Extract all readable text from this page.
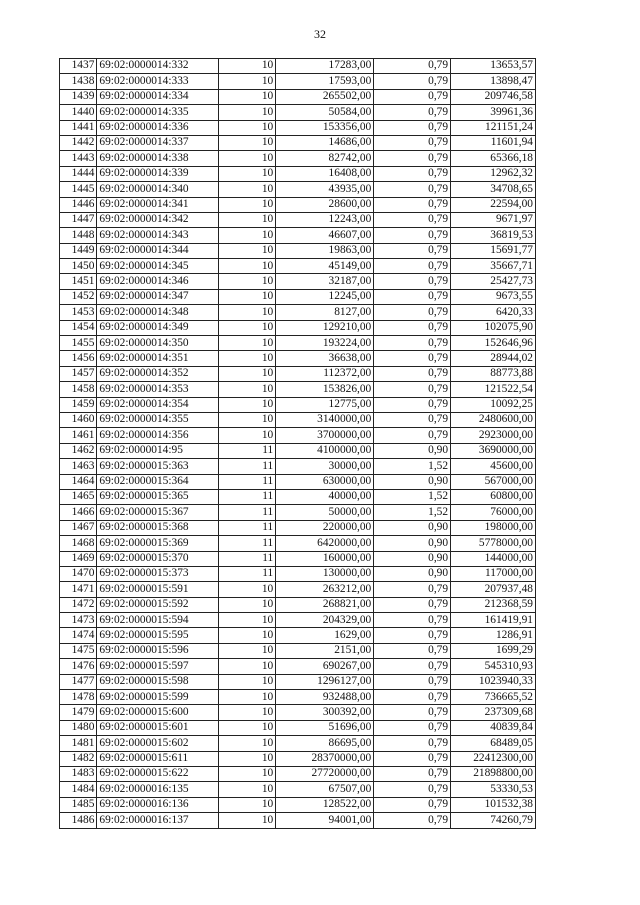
32
1437	69:02:0000014:332	10	17283,00	0,79	13653,57
1438	69:02:0000014:333	10	17593,00	0,79	13898,47
1439	69:02:0000014:334	10	265502,00	0,79	209746,58
1440	69:02:0000014:335	10	50584,00	0,79	39961,36
1441	69:02:0000014:336	10	153356,00	0,79	121151,24
1442	69:02:0000014:337	10	14686,00	0,79	11601,94
1443	69:02:0000014:338	10	82742,00	0,79	65366,18
1444	69:02:0000014:339	10	16408,00	0,79	12962,32
1445	69:02:0000014:340	10	43935,00	0,79	34708,65
1446	69:02:0000014:341	10	28600,00	0,79	22594,00
1447	69:02:0000014:342	10	12243,00	0,79	9671,97
1448	69:02:0000014:343	10	46607,00	0,79	36819,53
1449	69:02:0000014:344	10	19863,00	0,79	15691,77
1450	69:02:0000014:345	10	45149,00	0,79	35667,71
1451	69:02:0000014:346	10	32187,00	0,79	25427,73
1452	69:02:0000014:347	10	12245,00	0,79	9673,55
1453	69:02:0000014:348	10	8127,00	0,79	6420,33
1454	69:02:0000014:349	10	129210,00	0,79	102075,90
1455	69:02:0000014:350	10	193224,00	0,79	152646,96
1456	69:02:0000014:351	10	36638,00	0,79	28944,02
1457	69:02:0000014:352	10	112372,00	0,79	88773,88
1458	69:02:0000014:353	10	153826,00	0,79	121522,54
1459	69:02:0000014:354	10	12775,00	0,79	10092,25
1460	69:02:0000014:355	10	3140000,00	0,79	2480600,00
1461	69:02:0000014:356	10	3700000,00	0,79	2923000,00
1462	69:02:0000014:95	11	4100000,00	0,90	3690000,00
1463	69:02:0000015:363	11	30000,00	1,52	45600,00
1464	69:02:0000015:364	11	630000,00	0,90	567000,00
1465	69:02:0000015:365	11	40000,00	1,52	60800,00
1466	69:02:0000015:367	11	50000,00	1,52	76000,00
1467	69:02:0000015:368	11	220000,00	0,90	198000,00
1468	69:02:0000015:369	11	6420000,00	0,90	5778000,00
1469	69:02:0000015:370	11	160000,00	0,90	144000,00
1470	69:02:0000015:373	11	130000,00	0,90	117000,00
1471	69:02:0000015:591	10	263212,00	0,79	207937,48
1472	69:02:0000015:592	10	268821,00	0,79	212368,59
1473	69:02:0000015:594	10	204329,00	0,79	161419,91
1474	69:02:0000015:595	10	1629,00	0,79	1286,91
1475	69:02:0000015:596	10	2151,00	0,79	1699,29
1476	69:02:0000015:597	10	690267,00	0,79	545310,93
1477	69:02:0000015:598	10	1296127,00	0,79	1023940,33
1478	69:02:0000015:599	10	932488,00	0,79	736665,52
1479	69:02:0000015:600	10	300392,00	0,79	237309,68
1480	69:02:0000015:601	10	51696,00	0,79	40839,84
1481	69:02:0000015:602	10	86695,00	0,79	68489,05
1482	69:02:0000015:611	10	28370000,00	0,79	22412300,00
1483	69:02:0000015:622	10	27720000,00	0,79	21898800,00
1484	69:02:0000016:135	10	67507,00	0,79	53330,53
1485	69:02:0000016:136	10	128522,00	0,79	101532,38
1486	69:02:0000016:137	10	94001,00	0,79	74260,79
